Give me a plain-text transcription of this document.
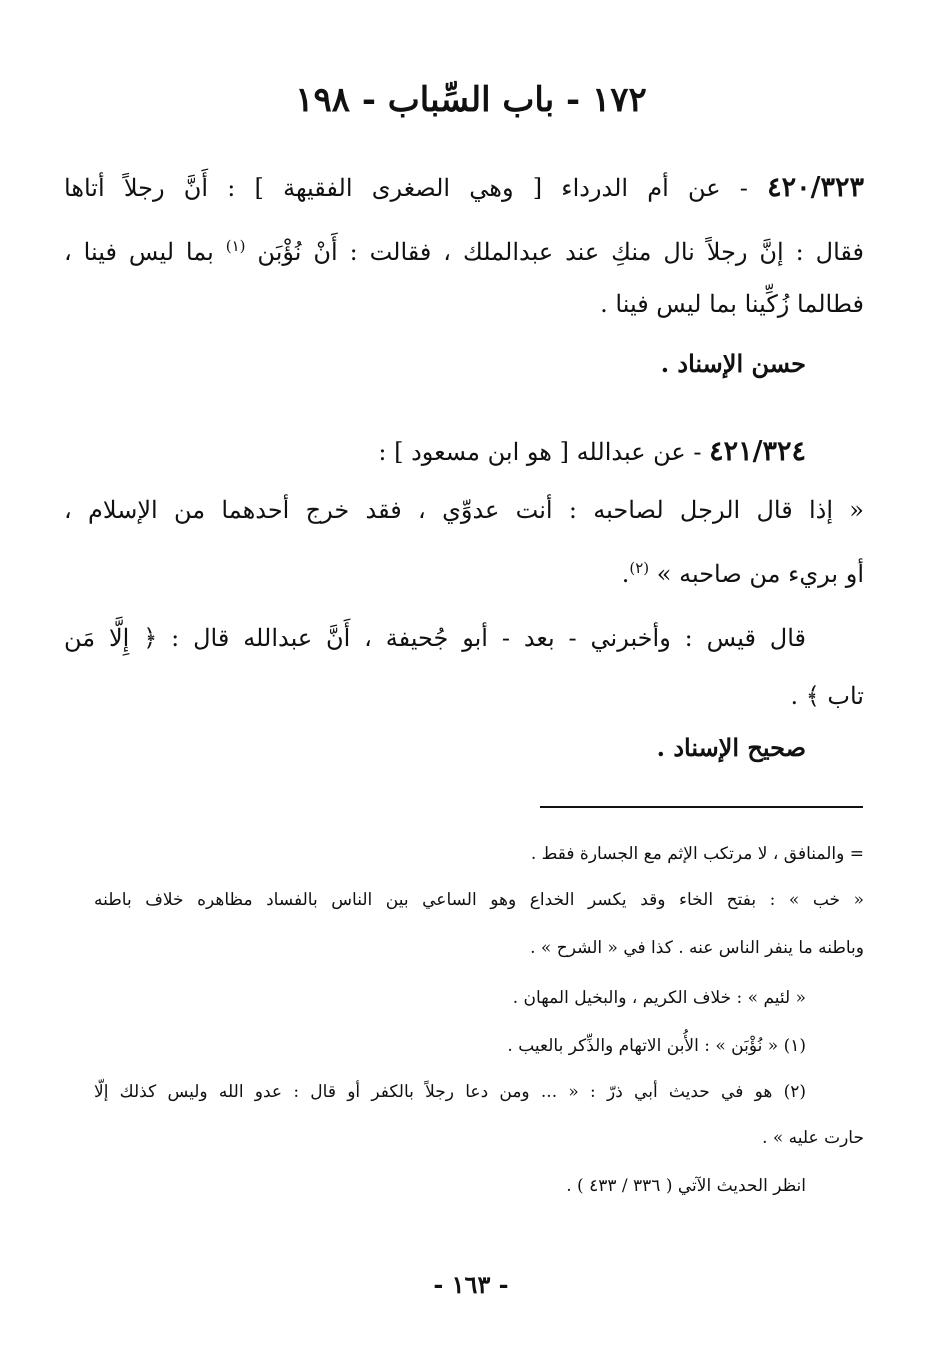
١٧٢ - باب السِّباب - ١٩٨
٤٢٠/٣٢٣ - عن أم الدرداء [ وهي الصغرى الفقيهة ] : أَنَّ رجلاً أتاها
فقال : إنَّ رجلاً نال منكِ عند عبدالملك ، فقالت : أَنْ نُؤْبَن $^{(١)}$ بما ليس فينا ،
فطالما زُكِّينا بما ليس فينا .
حسن الإسناد .
٤٢١/٣٢٤ - عن عبدالله [ هو ابن مسعود ] :
« إذا قال الرجل لصاحبه : أنت عدوِّي ، فقد خرج أحدهما من الإسلام ،
أو بريء من صاحبه » $^{(٢)}$.
قال قيس : وأخبرني - بعد - أبو جُحيفة ، أَنَّ عبدالله قال : ﴿ إِلَّا مَن
تاب ﴾ .
صحيح الإسناد .
= والمنافق ، لا مرتكب الإثم مع الجسارة فقط .
« خب » : بفتح الخاء وقد يكسر الخداع وهو الساعي بين الناس بالفساد مظاهره خلاف باطنه
وباطنه ما ينفر الناس عنه . كذا في « الشرح » .
« لئيم » : خلاف الكريم ، والبخيل المهان .
(١) « نُؤْبَن » : الأُبن الاتهام والذِّكر بالعيب .
(٢) هو في حديث أبي ذرّ : « ... ومن دعا رجلاً بالكفر أو قال : عدو الله وليس كذلك إلّا
حارت عليه » .
انظر الحديث الآتي ( ٣٣٦ / ٤٣٣ ) .
- ١٦٣ -
